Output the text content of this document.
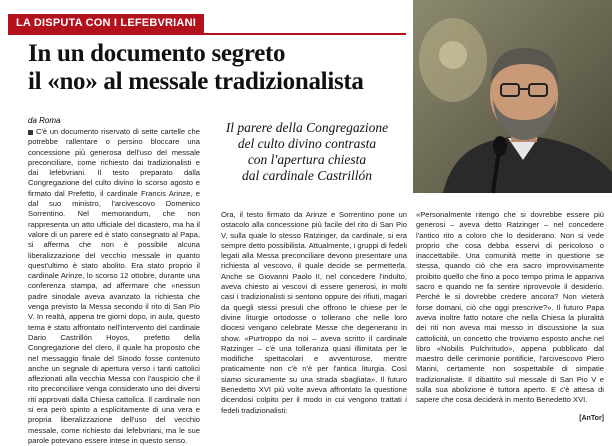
LA DISPUTA CON I LEFEBVRIANI
In un documento segreto
il «no» al messale tradizionalista
da Roma	Il parere della Congregazione
del culto divino contrasta
con l'apertura chiesta
dal cardinale Castrillón
C'è un documento riservato di sette cartelle che potrebbe rallentare o persino bloccare una concessione più generosa dell'uso del messale preconciliare, come richiesto dai tradizionalisti e dai lefebvriani. Il testo preparato dalla Congregazione del culto divino lo scorso agosto e firmato dal Prefetto, il cardinale Francis Arinze, e dal suo ministro, l'arcivescovo Domenico Sorrentino. Nel memorandum, che non rappresenta un atto ufficiale del dicastero, ma ha il valore di un parere ed è stato consegnato al Papa, si afferma che non è possibile alcuna liberalizzazione del vecchio messale in quanto quest'ultimo è stato abolito. Era stato proprio il cardinale Arinze, lo scorso 12 ottobre, durante una conferenza stampa, ad affermare che «nessun padre sinodale aveva avanzato la richiesta che venga previsto la Messa secondo il rito di San Pio V. In realtà, appena tre giorni dopo, in aula, questo tema è stato affrontato nell'intervento del cardinale Dario Castrillón Hoyos, prefetto della Congregazione del clero, il quale ha proposto che nel messaggio finale del Sinodo fosse contenuto anche un segnale di apertura verso i tanti cattolici affezionati alla vecchia Messa con l'auspicio che il rito preconciliare venga considerato uno dei diversi riti approvati dalla Chiesa cattolica. Il cardinale non si era però spinto a esplicitamente di una vera e propria liberalizzazione dell'uso del vecchio messale, come richiesto dai lefebvriani, ma le sue parole potevano essere intese in questo senso.
Ora, il testo firmato da Arinze e Sorrentino pone un ostacolo alla concessione più facile del rito di San Pio V, sulla quale lo stesso Ratzinger, da cardinale, si era sempre detto possibilista. Attualmente, i gruppi di fedeli legati alla Messa preconciliare devono presentare una richiesta al vescovo, il quale decide se permetterla. Anche se Giovanni Paolo II, nel concedere l'indulto, aveva chiesto ai vescovi di essere generosi, in molti casi i tradizionalisti si sentono oppure dei rifiuti, magari da quegli stessi presuli che offrono le chiese per le divine liturgie ortodosse o tollerano che nelle loro diocesi vengano celebrate Messe che degenerano in show. «Purtroppo da noi – aveva scritto il cardinale Ratzinger – c'è una tolleranza quasi illimitata per le modifiche spettacolari e avventurose, mentre praticamente non c'è n'è per l'antica liturgia. Così siamo sicuramente su una strada sbagliata». Il futuro Benedetto XVI più volte aveva affrontato la questione dicendosi colpito per il modo in cui vengono trattati i fedeli tradizionalisti:
«Personalmente ritengo che si dovrebbe essere più generosi – aveva detto Ratzinger – nel concedere l'antico rito a coloro che lo desiderano. Non si vede proprio che cosa debba esservi di pericoloso o inaccettabile. Una comunità mette in questione se stessa, quando ciò che era sacro improvvisamente proibito quello che fino a poco tempo prima le appariva sacro e quando ne fa sentire riprovevole il desiderio. Perché le si dovrebbe credere ancora? Non vieterà forse domani, ciò che oggi prescrive?». Il futuro Papa aveva inoltre fatto notare che nella Chiesa la pluralità dei riti non aveva mai messo in discussione la sua cattolicità, un concetto che troviamo esposto anche nel libro «Nobilis Pulchritudo», appena pubblicato dal maestro delle cerimonie pontificie, l'arcivescovo Piero Marini, certamente non sospettabile di simpatie tradizionaliste. Il dibattito sul messale di San Pio V e sulla sua abolizione è tuttora aperto. E c'è attesa di sapere che cosa deciderà in merito Benedetto XVI.
[AnTor]
